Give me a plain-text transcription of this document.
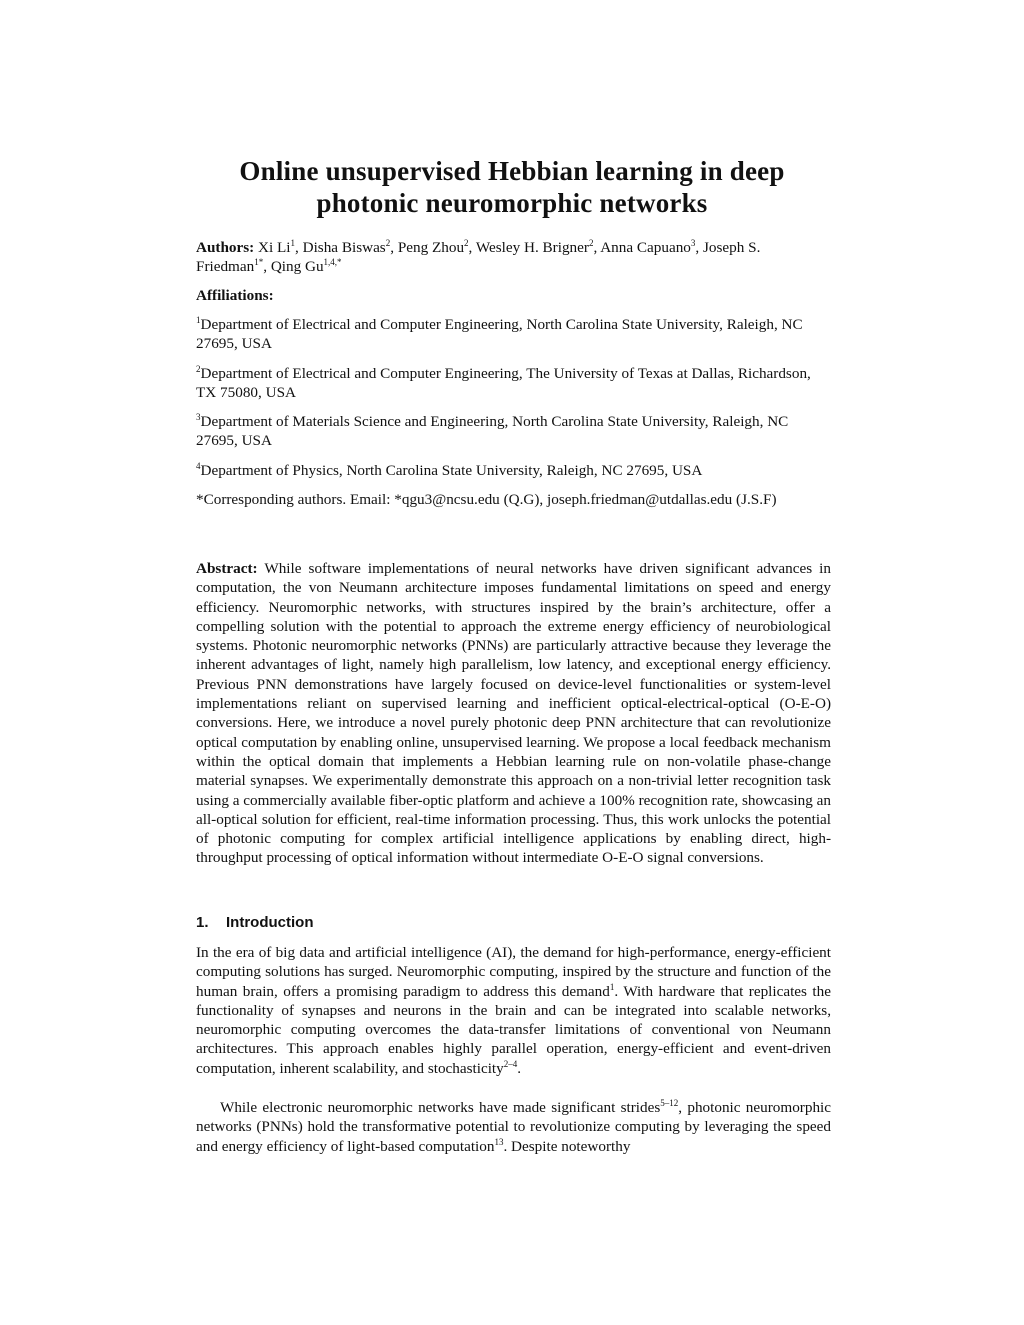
Online unsupervised Hebbian learning in deep
photonic neuromorphic networks
Authors: Xi Li$^1$, Disha Biswas$^2$, Peng Zhou$^2$, Wesley H. Brigner$^2$, Anna Capuano$^3$, Joseph S. Friedman$^{1*}$, Qing $Gu^{1,4,*}$
Affiliations:
$^1$Department of Electrical and Computer Engineering, North Carolina State University, Raleigh, NC 27695, USA
$^2$Department of Electrical and Computer Engineering, The University of Texas at Dallas, Richardson, TX 75080, USA
$^3$Department of Materials Science and Engineering, North Carolina State University, Raleigh, NC 27695, USA
$^4$Department of Physics, North Carolina State University, Raleigh, NC 27695, USA
*Corresponding authors. Email: *qgu3@ncsu.edu (Q.G), joseph.friedman@utdallas.edu (J.S.F)
Abstract: While software implementations of neural networks have driven significant advances in computation, the von Neumann architecture imposes fundamental limitations on speed and energy efficiency. Neuromorphic networks, with structures inspired by the brain’s architecture, offer a compelling solution with the potential to approach the extreme energy efficiency of neurobiological systems. Photonic neuromorphic networks (PNNs) are particularly attractive because they leverage the inherent advantages of light, namely high parallelism, low latency, and exceptional energy efficiency. Previous PNN demonstrations have largely focused on device-level functionalities or system-level implementations reliant on supervised learning and inefficient optical-electrical-optical (O-E-O) conversions. Here, we introduce a novel purely photonic deep PNN architecture that can revolutionize optical computation by enabling online, unsupervised learning. We propose a local feedback mechanism within the optical domain that implements a Hebbian learning rule on non-volatile phase-change material synapses. We experimentally demonstrate this approach on a non-trivial letter recognition task using a commercially available fiber-optic platform and achieve a 100% recognition rate, showcasing an all-optical solution for efficient, real-time information processing. Thus, this work unlocks the potential of photonic computing for complex artificial intelligence applications by enabling direct, high-throughput processing of optical information without intermediate O-E-O signal conversions.
1. Introduction
In the era of big data and artificial intelligence (AI), the demand for high-performance, energy-efficient computing solutions has surged. Neuromorphic computing, inspired by the structure and function of the human brain, offers a promising paradigm to address this demand$^1$. With hardware that replicates the functionality of synapses and neurons in the brain and can be integrated into scalable networks, neuromorphic computing overcomes the data-transfer limitations of conventional von Neumann architectures. This approach enables highly parallel operation, energy-efficient and event-driven computation, inherent scalability, and stochasticity$^{2-4}$.
While electronic neuromorphic networks have made significant strides$^{5-12}$, photonic neuromorphic networks (PNNs) hold the transformative potential to revolutionize computing by leveraging the speed and energy efficiency of light-based computation$^{13}$. Despite noteworthy
